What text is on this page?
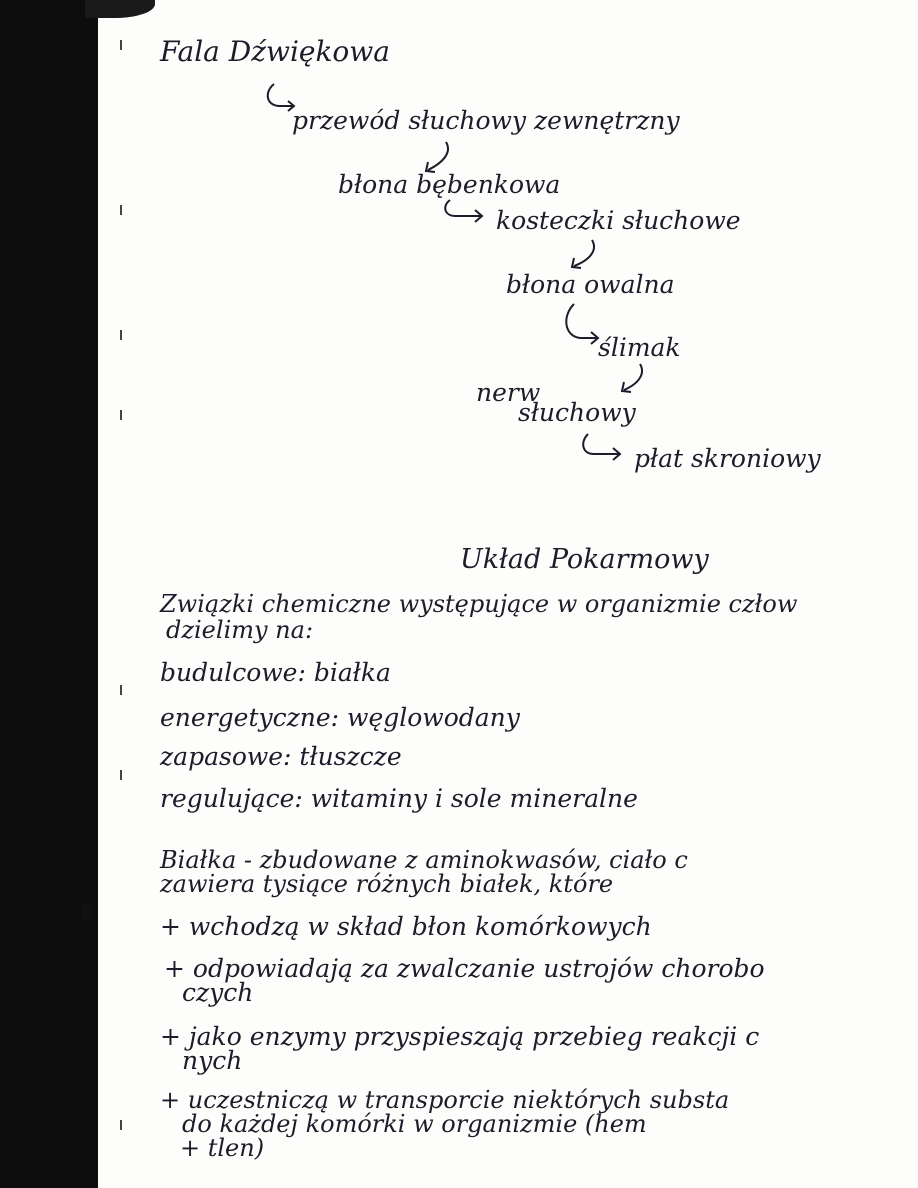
Fala Dźwiękowa
przewód słuchowy zewnętrzny
błona bębenkowa
kosteczki słuchowe
błona owalna
ślimak
nerw
słuchowy
płat skroniowy
Układ Pokarmowy
Związki chemiczne występujące w organizmie człow
dzielimy na:
budulcowe: białka
energetyczne: węglowodany
zapasowe: tłuszcze
regulujące: witaminy i sole mineralne
Białka - zbudowane z aminokwasów, ciało c
zawiera tysiące różnych białek, które
+ wchodzą w skład błon komórkowych
+ odpowiadają za zwalczanie ustrojów chorobo
czych
+ jako enzymy przyspieszają przebieg reakcji c
nych
+ uczestniczą w transporcie niektórych substa
do każdej komórki w organizmie (hem
+ tlen)
